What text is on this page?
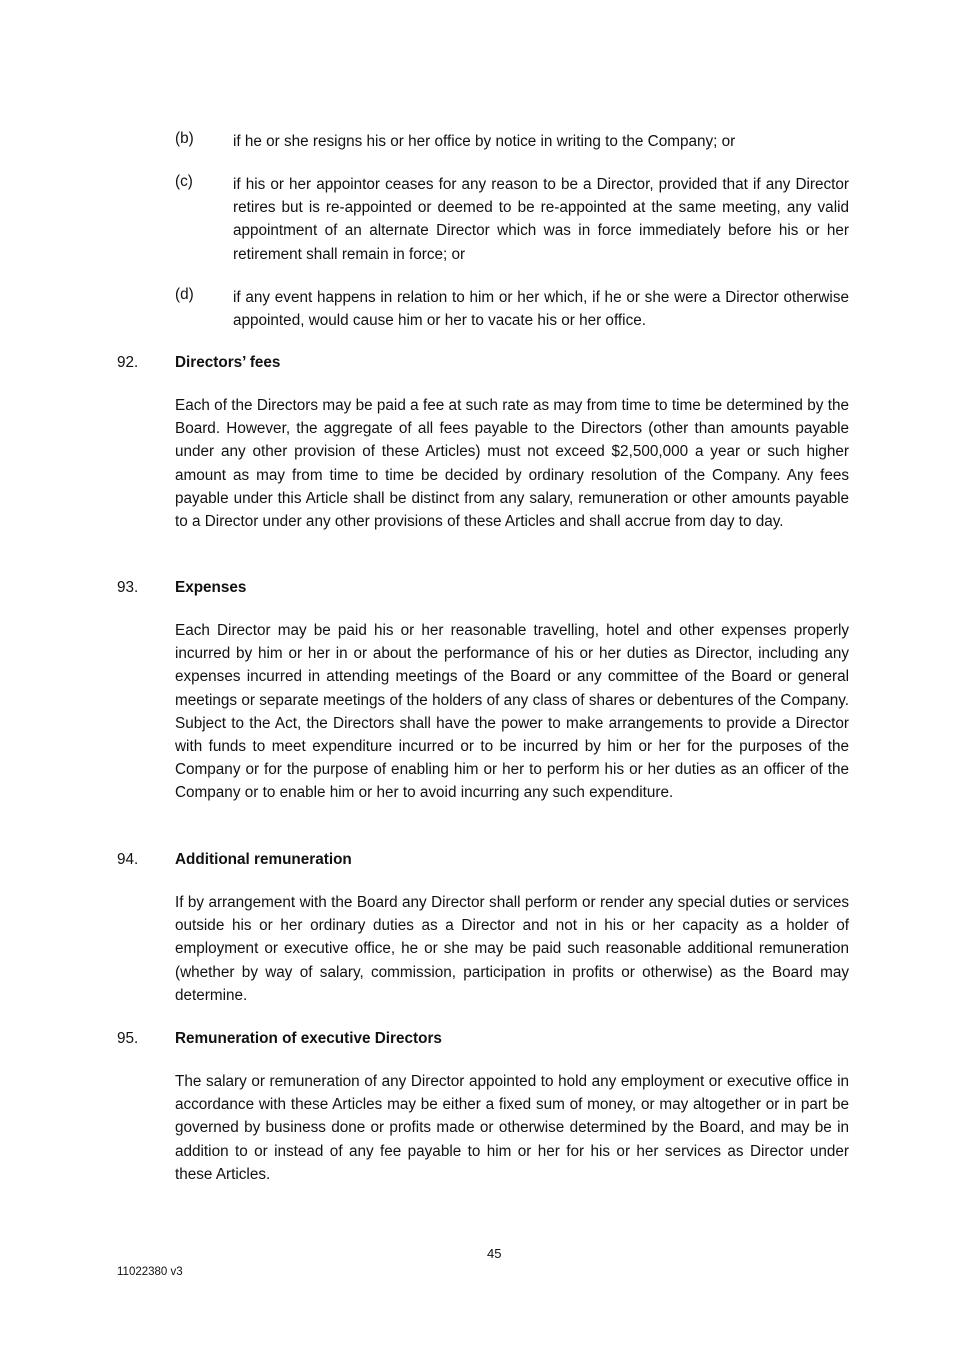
(b)	if he or she resigns his or her office by notice in writing to the Company; or
(c)	if his or her appointor ceases for any reason to be a Director, provided that if any Director retires but is re-appointed or deemed to be re-appointed at the same meeting, any valid appointment of an alternate Director which was in force immediately before his or her retirement shall remain in force; or
(d)	if any event happens in relation to him or her which, if he or she were a Director otherwise appointed, would cause him or her to vacate his or her office.
92. Directors’ fees
Each of the Directors may be paid a fee at such rate as may from time to time be determined by the Board. However, the aggregate of all fees payable to the Directors (other than amounts payable under any other provision of these Articles) must not exceed $2,500,000 a year or such higher amount as may from time to time be decided by ordinary resolution of the Company. Any fees payable under this Article shall be distinct from any salary, remuneration or other amounts payable to a Director under any other provisions of these Articles and shall accrue from day to day.
93. Expenses
Each Director may be paid his or her reasonable travelling, hotel and other expenses properly incurred by him or her in or about the performance of his or her duties as Director, including any expenses incurred in attending meetings of the Board or any committee of the Board or general meetings or separate meetings of the holders of any class of shares or debentures of the Company. Subject to the Act, the Directors shall have the power to make arrangements to provide a Director with funds to meet expenditure incurred or to be incurred by him or her for the purposes of the Company or for the purpose of enabling him or her to perform his or her duties as an officer of the Company or to enable him or her to avoid incurring any such expenditure.
94. Additional remuneration
If by arrangement with the Board any Director shall perform or render any special duties or services outside his or her ordinary duties as a Director and not in his or her capacity as a holder of employment or executive office, he or she may be paid such reasonable additional remuneration (whether by way of salary, commission, participation in profits or otherwise) as the Board may determine.
95. Remuneration of executive Directors
The salary or remuneration of any Director appointed to hold any employment or executive office in accordance with these Articles may be either a fixed sum of money, or may altogether or in part be governed by business done or profits made or otherwise determined by the Board, and may be in addition to or instead of any fee payable to him or her for his or her services as Director under these Articles.
45
11022380 v3
